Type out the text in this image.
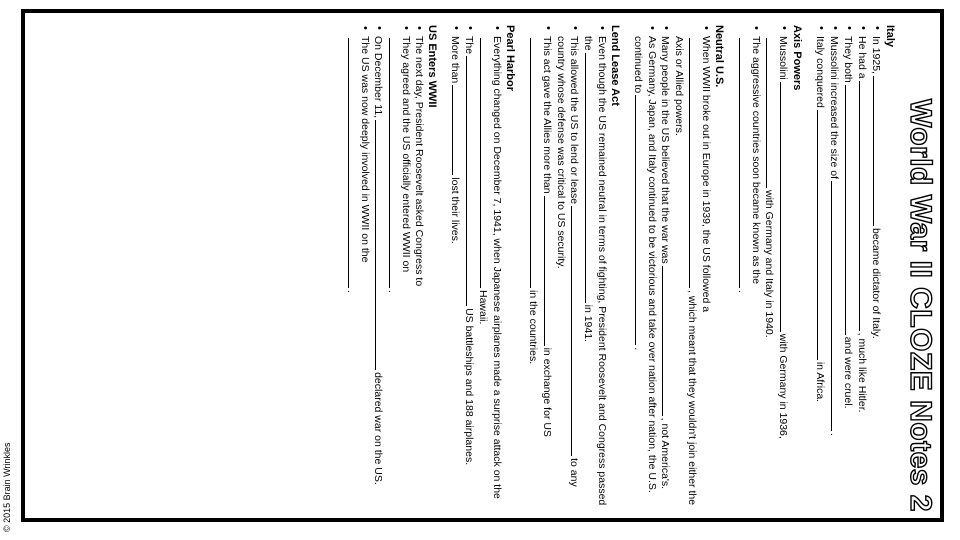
World War II CLOZE Notes 2
Italy
• In 1925,became dictator of Italy.
• He had a, much like Hitler.
• They bothand were cruel.
• Mussolini increased the size of.
• Italy conqueredin Africa.
Axis Powers
• Mussoliniwith Germany in 1936,with Germany and Italy in 1940.
• The aggressive countries soon became known as the.
Neutral U.S.
• When WWII broke out in Europe in 1939, the US followed a , which meant that they wouldn't join either the Axis or Allied powers.
• Many people in the US believed that the war was, not America's.
• As Germany, Japan, and Italy continued to be victorious and take over nation after nation, the U.S. continued to.
Lend Lease Act
• Even though the US remained neutral in terms of fighting, President Roosevelt and Congress passed thein 1941.
• This allowed the US to lend or leaseto any country whose defense was critical to US security.
• This act gave the Allies more thanin exchange for USin the countries.
Pearl Harbor
• Everything changed on December 7, 1941, when Japanese airplanes made a surprise attack on the Hawaii.
• TheUS battleships and 188 airplanes.
• More thanlost their lives.
US Enters WWII
• The next day, President Roosevelt asked Congress to
• They agreed and the US officially entered WWII on.
• On December 11,declared war on the US.
• The US was now deeply involved in WWII on the.
© 2015 Brain Wrinkles
